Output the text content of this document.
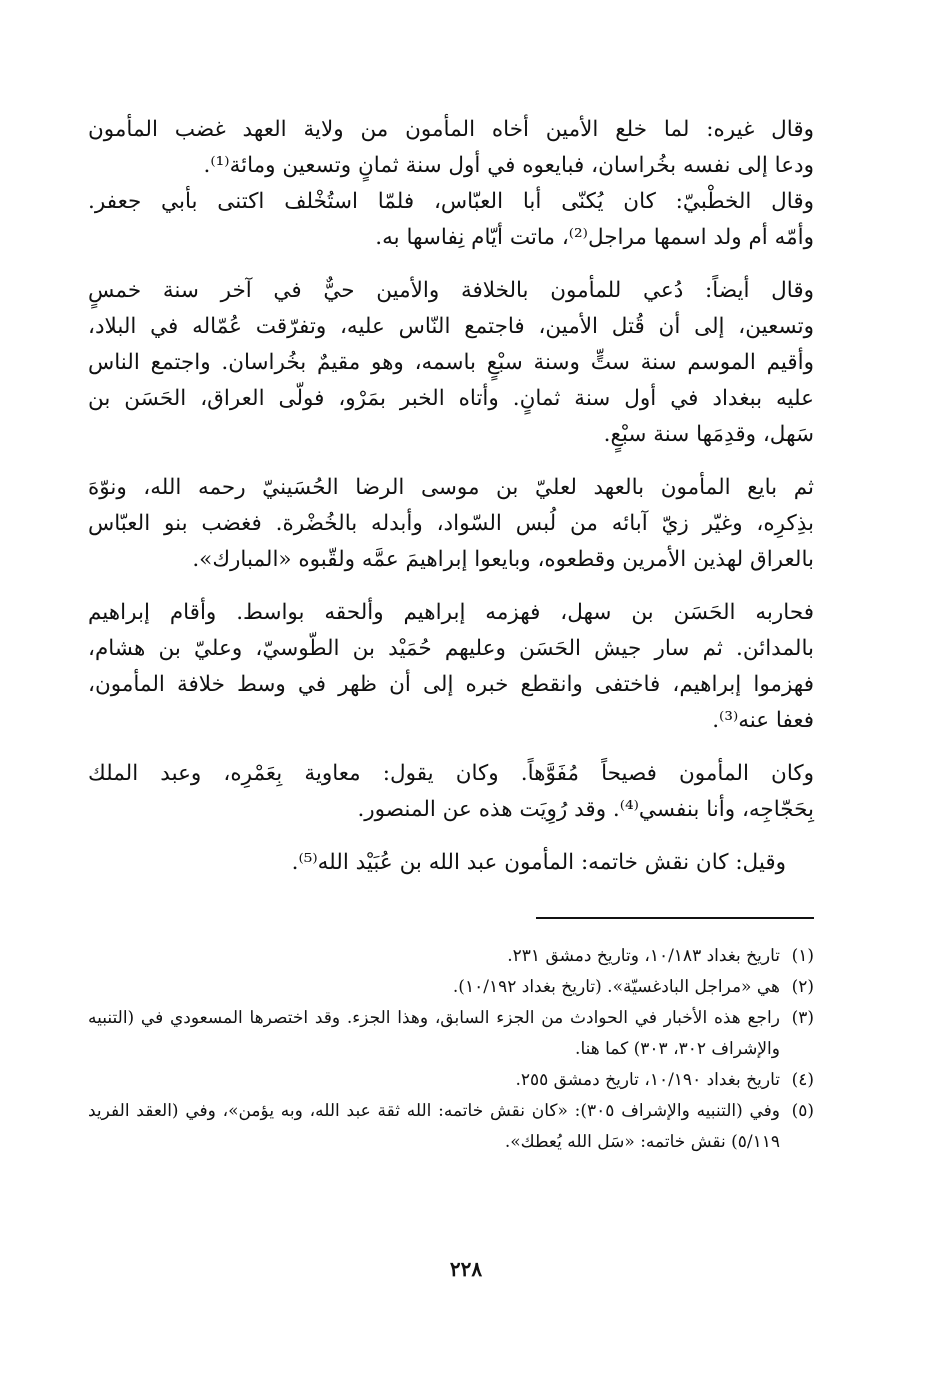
وقال غيره: لما خلع الأمين أخاه المأمون من ولاية العهد غضب المأمون
ودعا إلى نفسه بخُراسان، فبايعوه في أول سنة ثمانٍ وتسعين ومائة⁽¹⁾.
وقال الخطْبيّ: كان يُكنّى أبا العبّاس، فلمّا استُخْلف اكتنى بأبي جعفر.
وأمّه أم ولد اسمها مراجل⁽²⁾، ماتت أيّام نِفاسها به.
وقال أيضاً: دُعي للمأمون بالخلافة والأمين حيٌّ في آخر سنة خمسٍ
وتسعين، إلى أن قُتل الأمين، فاجتمع النّاس عليه، وتفرّقت عُمّاله في البلاد،
وأقيم الموسم سنة ستٍّ وسنة سبْعٍ باسمه، وهو مقيمٌ بخُراسان. واجتمع الناس
عليه ببغداد في أول سنة ثمانٍ. وأتاه الخبر بمَرْو، فولّى العراق، الحَسَن بن
سَهل، وقدِمَها سنة سبْعٍ.
ثم بايع المأمون بالعهد لعليّ بن موسى الرضا الحُسَينيّ رحمه الله، ونوّهَ
بذِكرِه، وغيّر زيّ آبائه من لُبس السّواد، وأبدله بالخُضْرة. فغضب بنو العبّاس
بالعراق لهذين الأمرين وقطعوه، وبايعوا إبراهيمَ عمَّه ولقّبوه «المبارك».
فحاربه الحَسَن بن سهل، فهزمه إبراهيم وألحقه بواسط. وأقام إبراهيم
بالمدائن. ثم سار جيش الحَسَن وعليهم حُمَيْد بن الطّوسيّ، وعليّ بن هشام،
فهزموا إبراهيم، فاختفى وانقطع خبره إلى أن ظهر في وسط خلافة المأمون،
فعفا عنه⁽³⁾.
وكان المأمون فصيحاً مُفَوَّهاً. وكان يقول: معاوية بِعَمْرِه، وعبد الملك
بِحَجّاجِه، وأنا بنفسي⁽⁴⁾. وقد رُوِيَت هذه عن المنصور.
وقيل: كان نقش خاتمه: المأمون عبد الله بن عُبَيْد الله⁽⁵⁾.
(١)
تاريخ بغداد ١٠/١٨٣، وتاريخ دمشق ٢٣١.
(٢)
هي «مراجل البادغسيّة». (تاريخ بغداد ١٠/١٩٢).
(٣)
راجع هذه الأخبار في الحوادث من الجزء السابق، وهذا الجزء. وقد اختصرها المسعودي في (التنبيه والإشراف ٣٠٢، ٣٠٣) كما هنا.
(٤)
تاريخ بغداد ١٠/١٩٠، تاريخ دمشق ٢٥٥.
(٥)
وفي (التنبيه والإشراف ٣٠٥): «كان نقش خاتمه: الله ثقة عبد الله، وبه يؤمن»، وفي (العقد الفريد ٥/١١٩) نقش خاتمه: «سَل الله يُعطك».
٢٢٨
